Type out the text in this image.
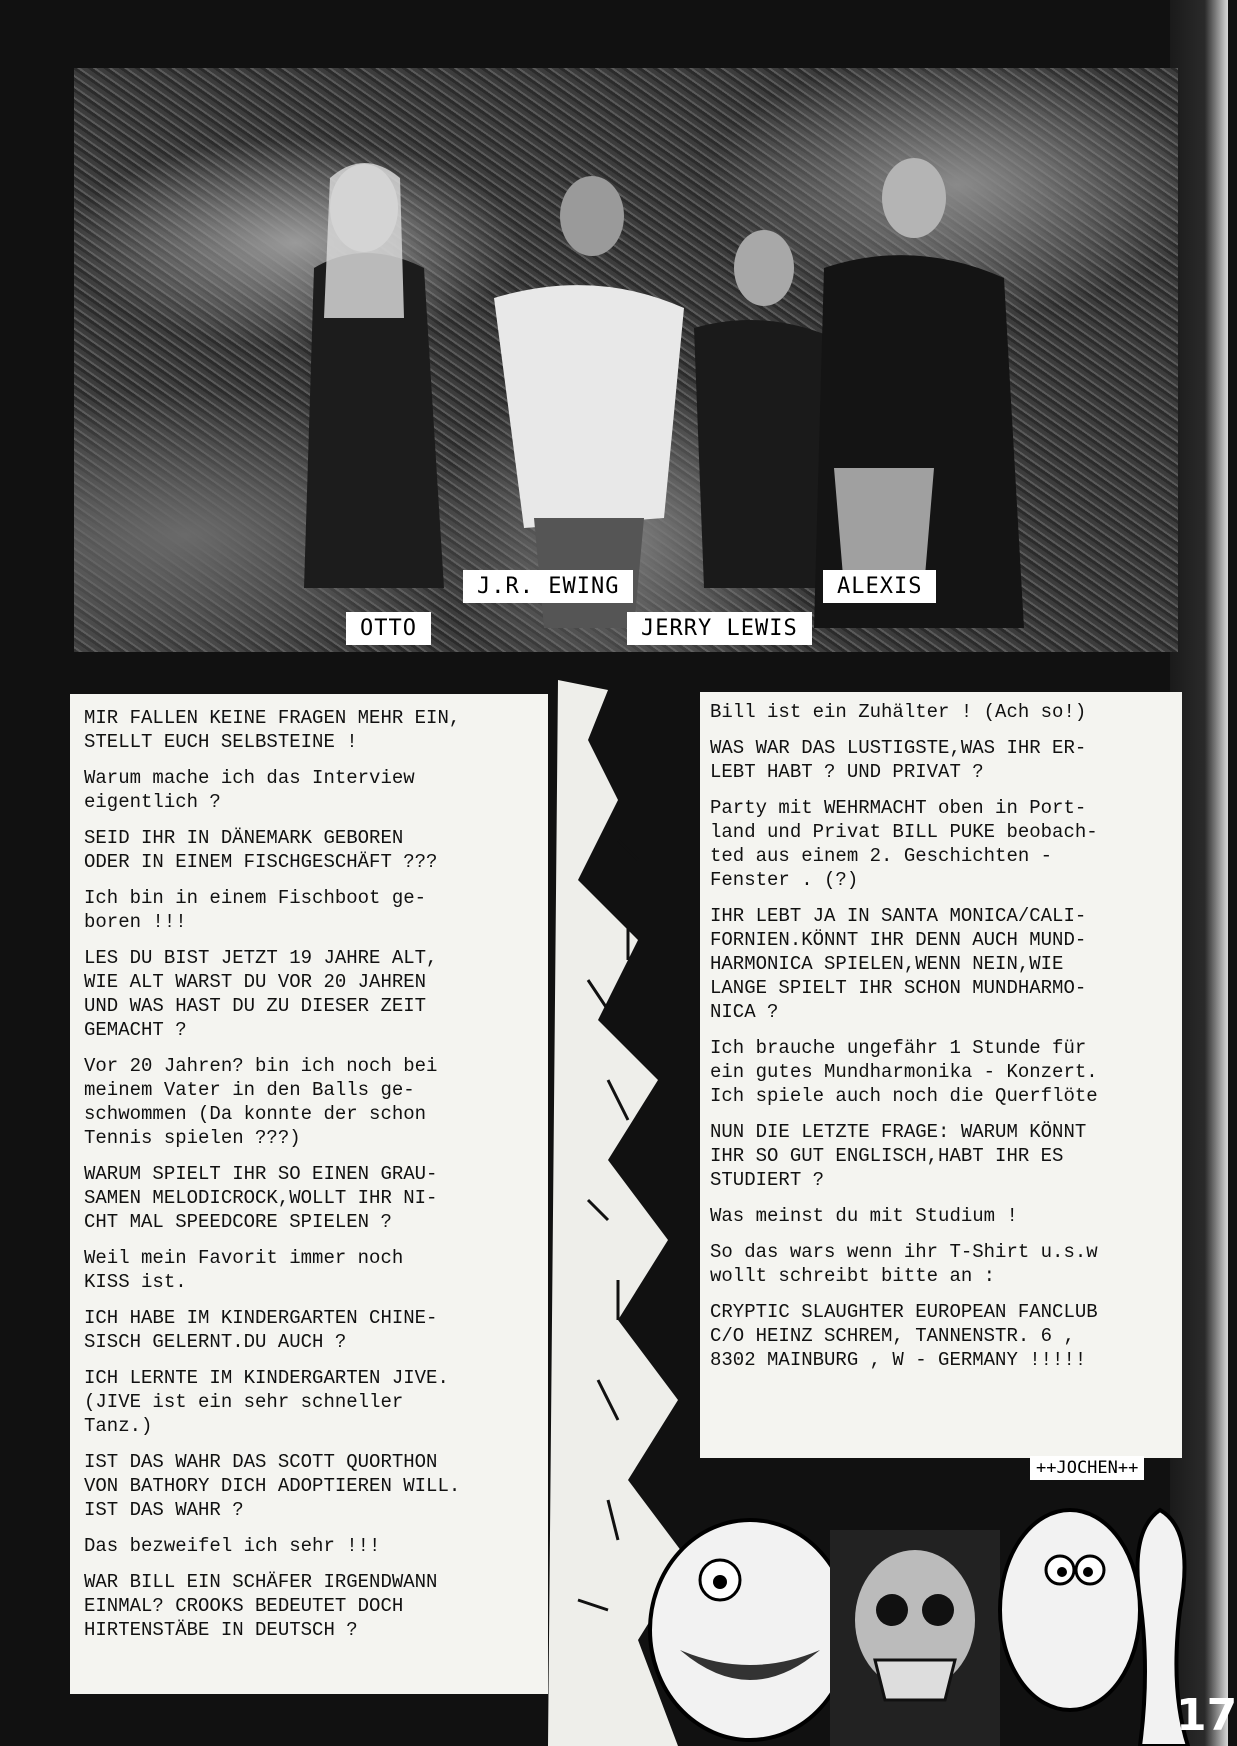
OTTO
J.R. EWING
JERRY LEWIS
ALEXIS

MIR FALLEN KEINE FRAGEN MEHR EIN,
STELLT EUCH SELBSTEINE !

Warum mache ich das Interview
eigentlich ?

SEID IHR IN DÄNEMARK GEBOREN
ODER IN EINEM FISCHGESCHÄFT ???

Ich bin in einem Fischboot ge-
boren !!!

LES DU BIST JETZT 19 JAHRE ALT,
WIE ALT WARST DU VOR 20 JAHREN
UND WAS HAST DU ZU DIESER ZEIT
GEMACHT ?

Vor 20 Jahren? bin ich noch bei
meinem Vater in den Balls ge-
schwommen (Da konnte der schon
Tennis spielen ???)

WARUM SPIELT IHR SO EINEN GRAU-
SAMEN MELODICROCK,WOLLT IHR NI-
CHT MAL SPEEDCORE SPIELEN ?

Weil mein Favorit immer noch
KISS ist.

ICH HABE IM KINDERGARTEN CHINE-
SISCH GELERNT.DU AUCH ?

ICH LERNTE IM KINDERGARTEN JIVE.
(JIVE ist ein sehr schneller
Tanz.)

IST DAS WAHR DAS SCOTT QUORTHON
VON BATHORY DICH ADOPTIEREN WILL.
IST DAS WAHR ?

Das bezweifel ich sehr !!!

WAR BILL EIN SCHÄFER IRGENDWANN
EINMAL? CROOKS BEDEUTET DOCH
HIRTENSTÄBE IN DEUTSCH ?

Bill ist ein Zuhälter ! (Ach so!)

WAS WAR DAS LUSTIGSTE,WAS IHR ER-
LEBT HABT ? UND PRIVAT ?

Party mit WEHRMACHT oben in Port-
land und Privat BILL PUKE beobach-
ted aus einem 2. Geschichten -
Fenster . (?)

IHR LEBT JA IN SANTA MONICA/CALI-
FORNIEN.KÖNNT IHR DENN AUCH MUND-
HARMONICA SPIELEN,WENN NEIN,WIE
LANGE SPIELT IHR SCHON MUNDHARMO-
NICA ?

Ich brauche ungefähr 1 Stunde für
ein gutes Mundharmonika - Konzert.
Ich spiele auch noch die Querflöte

NUN DIE LETZTE FRAGE: WARUM KÖNNT
IHR SO GUT ENGLISCH,HABT IHR ES
STUDIERT ?

Was meinst du mit Studium !

So das wars wenn ihr T-Shirt u.s.w
wollt schreibt bitte an :

CRYPTIC SLAUGHTER EUROPEAN FANCLUB
C/O HEINZ SCHREM, TANNENSTR. 6 ,
8302 MAINBURG , W - GERMANY !!!!!

++JOCHEN++
17
